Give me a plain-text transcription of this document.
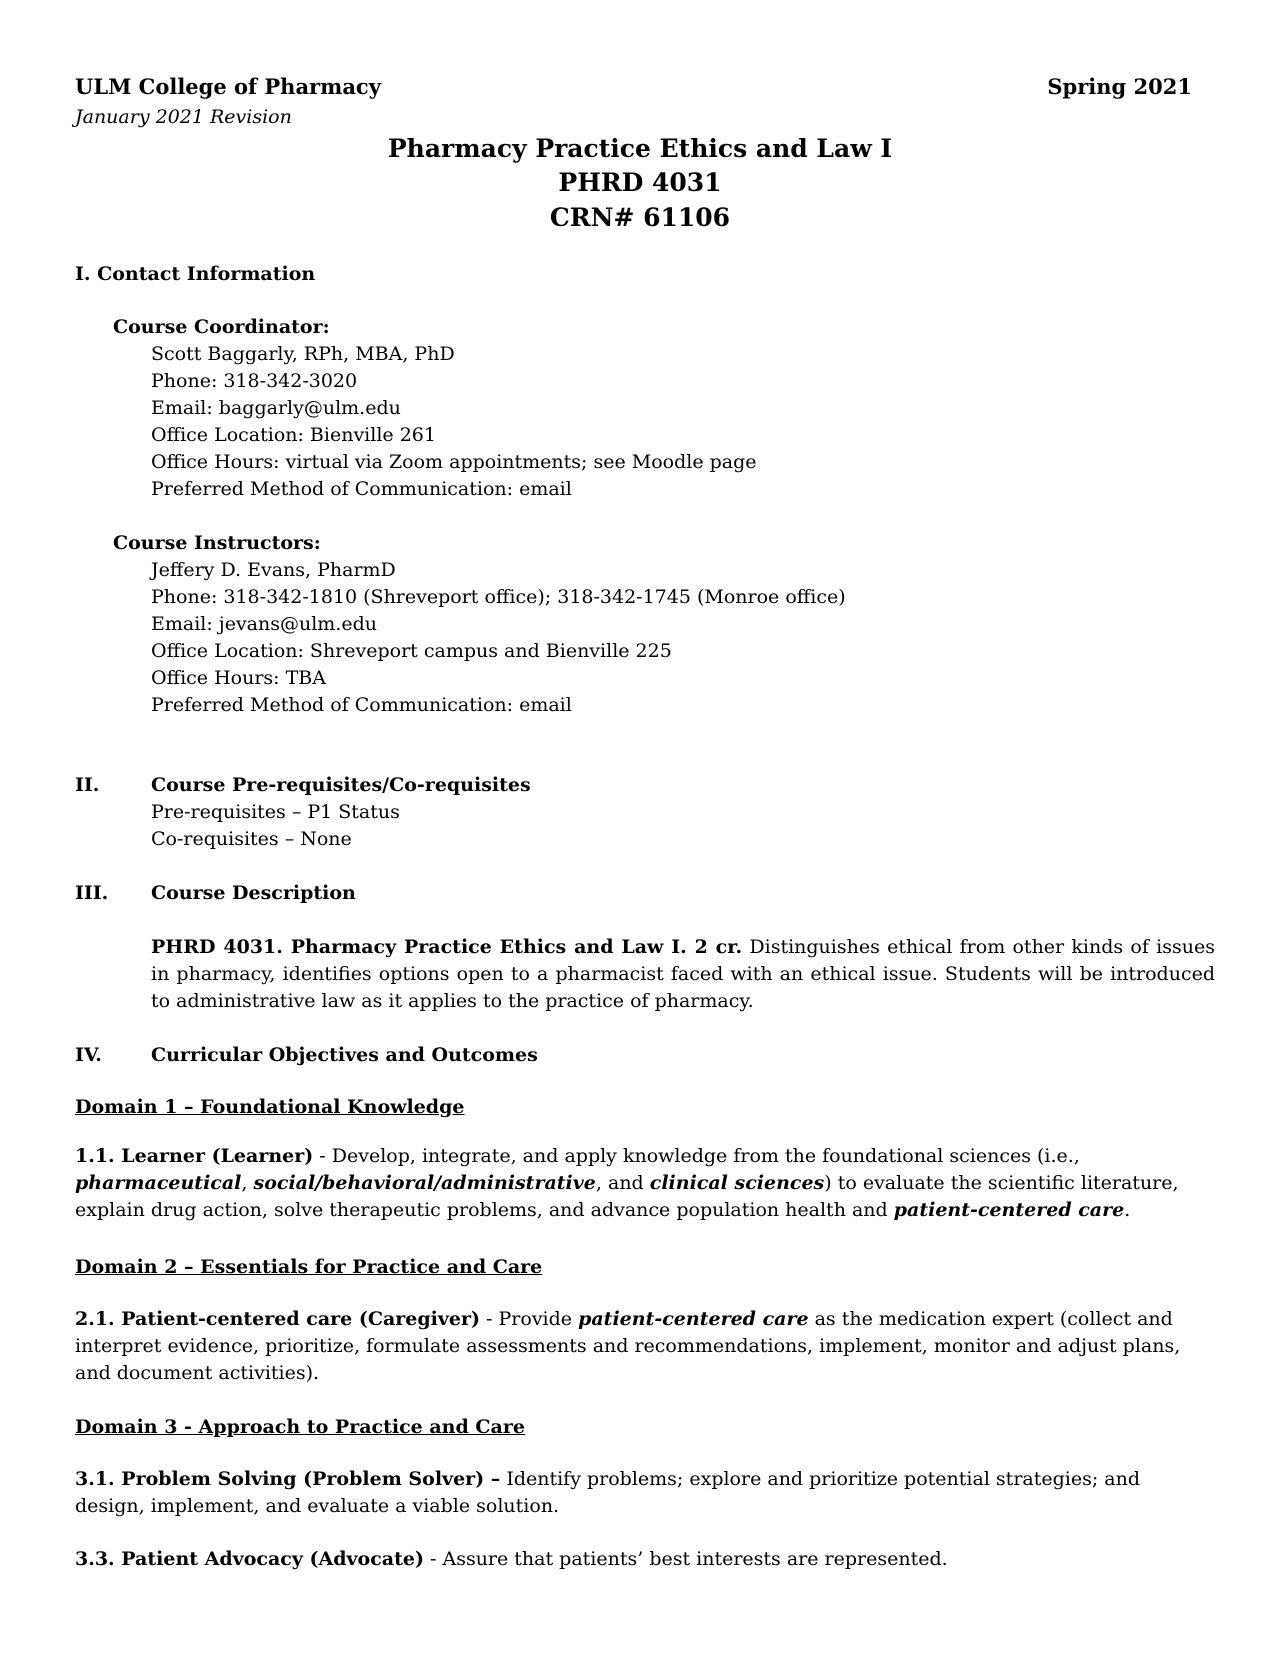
ULM College of Pharmacy	Spring 2021
January 2021 Revision
Pharmacy Practice Ethics and Law I
PHRD 4031
CRN# 61106
I. Contact Information
Course Coordinator:
Scott Baggarly, RPh, MBA, PhD
Phone: 318-342-3020
Email: baggarly@ulm.edu
Office Location: Bienville 261
Office Hours: virtual via Zoom appointments; see Moodle page
Preferred Method of Communication: email
Course Instructors:
Jeffery D. Evans, PharmD
Phone: 318-342-1810 (Shreveport office); 318-342-1745 (Monroe office)
Email: jevans@ulm.edu
Office Location: Shreveport campus and Bienville 225
Office Hours: TBA
Preferred Method of Communication: email
II.	Course Pre-requisites/Co-requisites
Pre-requisites – P1 Status
Co-requisites – None
III. Course Description
PHRD 4031. Pharmacy Practice Ethics and Law I. 2 cr. Distinguishes ethical from other kinds of issues in pharmacy, identifies options open to a pharmacist faced with an ethical issue. Students will be introduced to administrative law as it applies to the practice of pharmacy.
IV.	Curricular Objectives and Outcomes
Domain 1 – Foundational Knowledge
1.1. Learner (Learner) - Develop, integrate, and apply knowledge from the foundational sciences (i.e., pharmaceutical, social/behavioral/administrative, and clinical sciences) to evaluate the scientific literature, explain drug action, solve therapeutic problems, and advance population health and patient-centered care.
Domain 2 – Essentials for Practice and Care
2.1. Patient-centered care (Caregiver) - Provide patient-centered care as the medication expert (collect and interpret evidence, prioritize, formulate assessments and recommendations, implement, monitor and adjust plans, and document activities).
Domain 3 - Approach to Practice and Care
3.1. Problem Solving (Problem Solver) – Identify problems; explore and prioritize potential strategies; and design, implement, and evaluate a viable solution.
3.3. Patient Advocacy (Advocate) - Assure that patients’ best interests are represented.
